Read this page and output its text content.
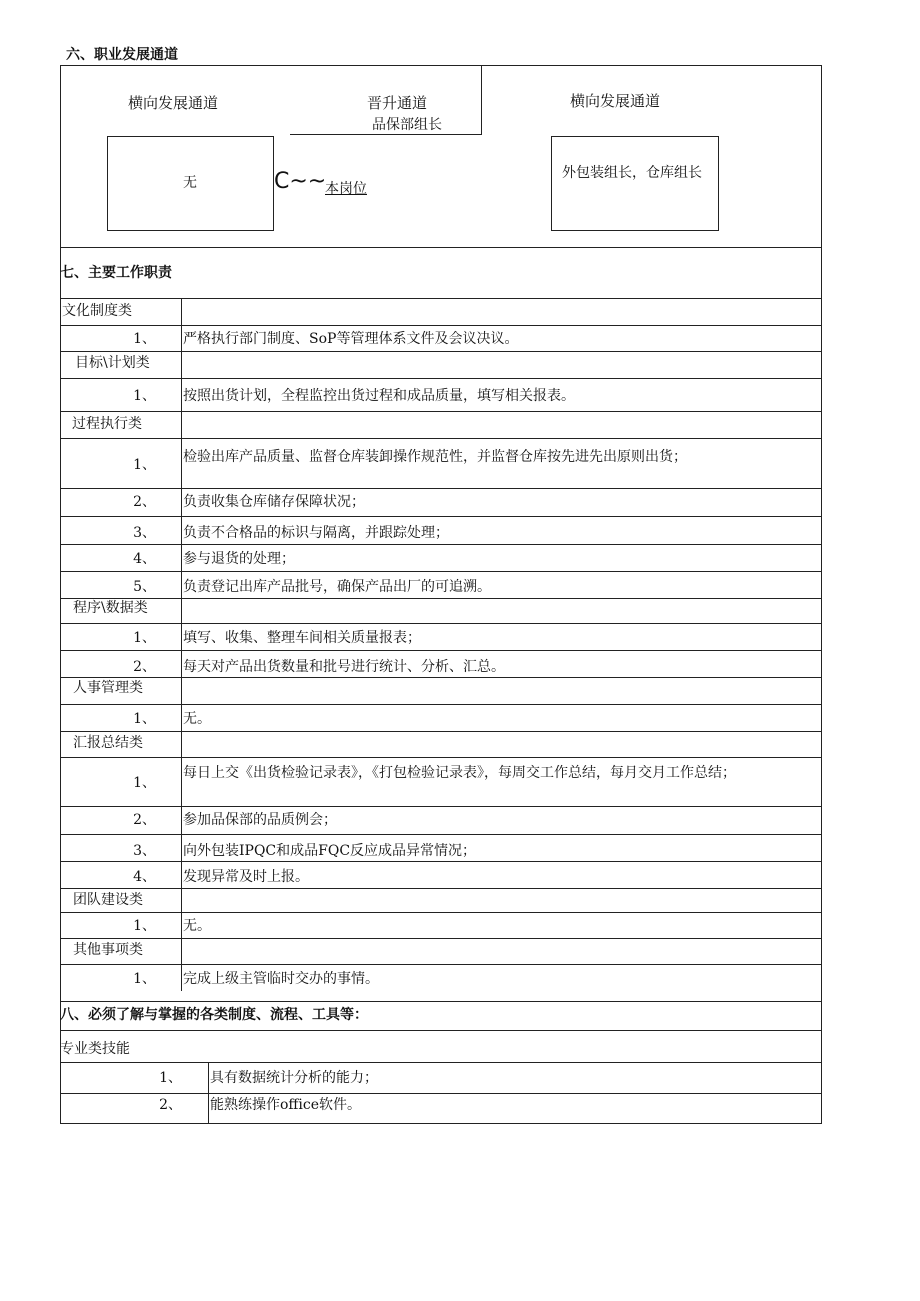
六、职业发展通道
横向发展通道	晋升通道
品保部组长
横向发展通道
无	C~~
本岗位
外包装组长，仓库组长
七、主要工作职责
文化制度类
1、 严格执行部门制度、SoP等管理体系文件及会议决议。
目标\计划类
1、 按照出货计划，全程监控出货过程和成品质量，填写相关报表。
过程执行类
1、 检验出库产品质量、监督仓库装卸操作规范性，并监督仓库按先进先出原则出货；
2、 负责收集仓库储存保障状况；
3、 负责不合格品的标识与隔离，并跟踪处理；
4、 参与退货的处理；
5、 负责登记出库产品批号，确保产品出厂的可追溯。
程序\数据类
1、 填写、收集、整理车间相关质量报表；
2、 每天对产品出货数量和批号进行统计、分析、汇总。
人事管理类
1、 无。
汇报总结类
1、
每日上交《出货检验记录表》，《打包检验记录表》，每周交工作总结，每月交月工作总结；
2、 参加品保部的品质例会；
3、 向外包装IPQC和成品FQC反应成品异常情况；
4、 发现异常及时上报。
团队建设类
1、 无。
其他事项类
1、 完成上级主管临时交办的事情。
八、必须了解与掌握的各类制度、流程、工具等：
专业类技能
1、 具有数据统计分析的能力；
2、 能熟练操作office软件。
